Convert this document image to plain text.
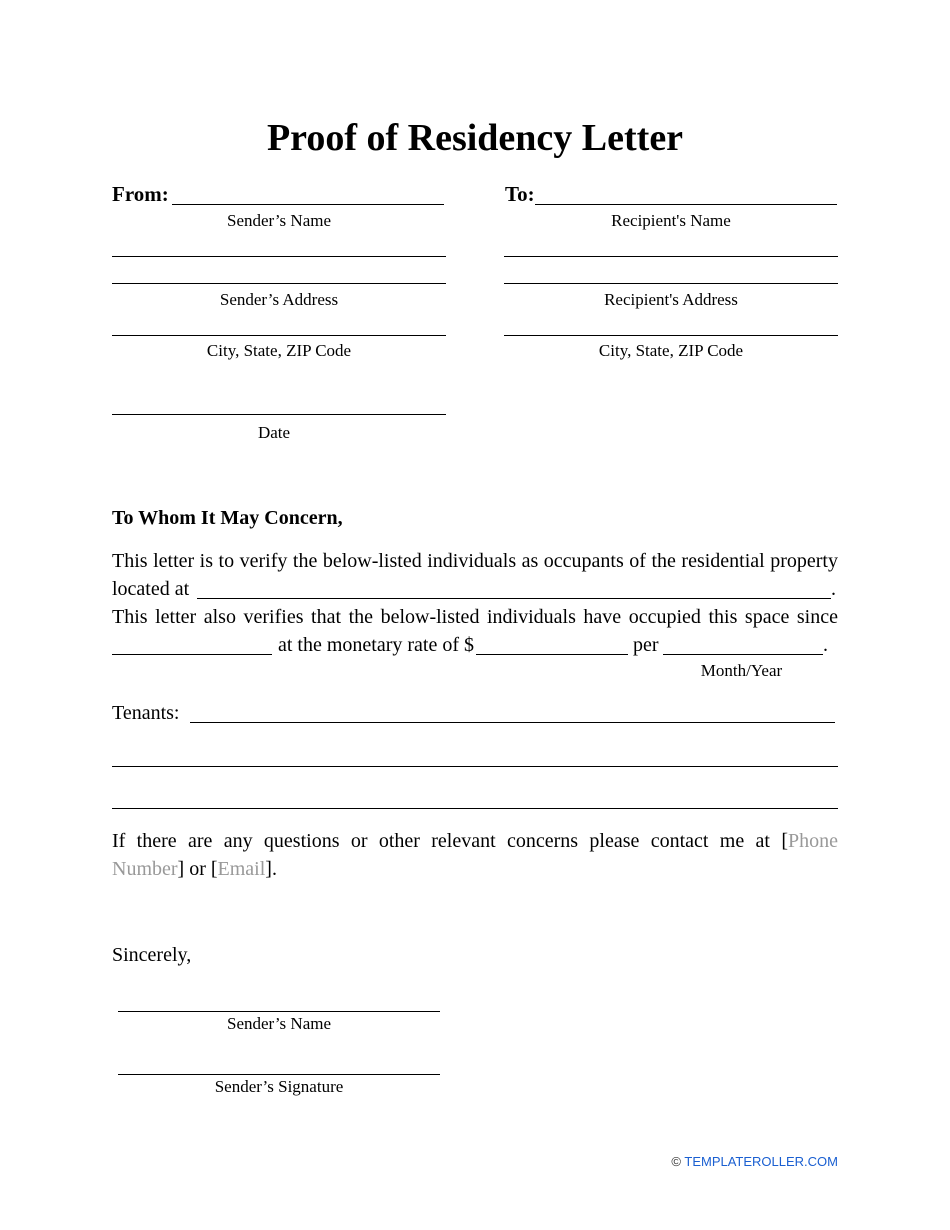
Proof of Residency Letter
From:
Sender’s Name
Sender’s Address
City, State, ZIP Code
Date
To:
Recipient's Name
Recipient's Address
City, State, ZIP Code
To Whom It May Concern,
This letter is to verify the below-listed individuals as occupants of the residential property
located at	.
This letter also verifies that the below-listed individuals have occupied this space since
at the monetary rate of $	per	.
Month/Year
Tenants:
If there are any questions or other relevant concerns please contact me at [Phone
Number] or [Email].
Sincerely,
Sender’s Name
Sender’s Signature
© TEMPLATEROLLER.COM
